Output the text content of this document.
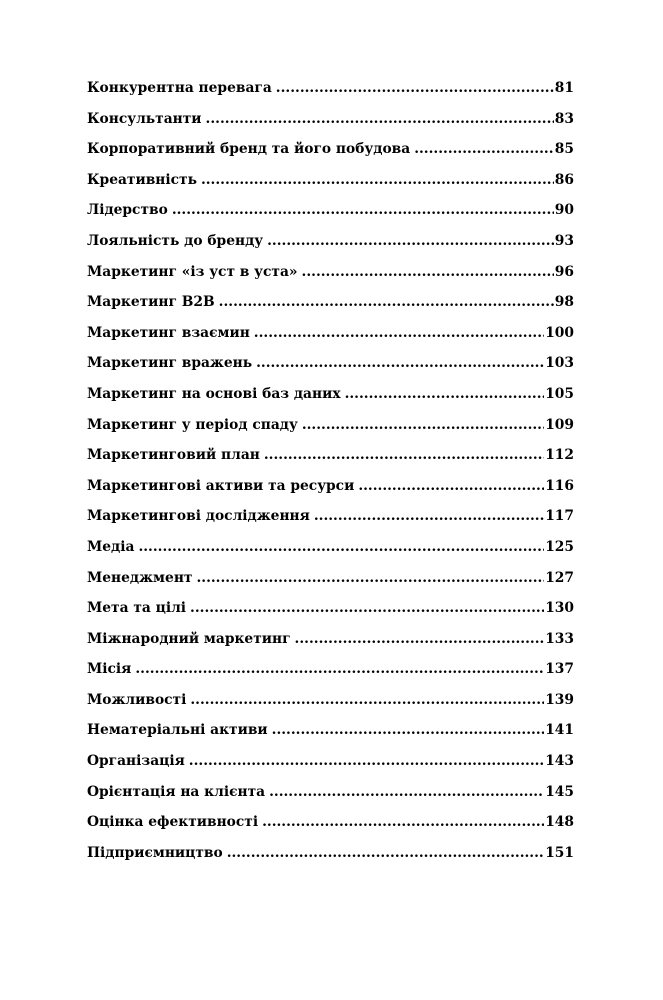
Конкурентна перевага .....	81
Консультанти .....	83
Корпоративний бренд та його побудова .....	85
Креативність .....	86
Лідерство .....	90
Лояльність до бренду .....	93
Маркетинг «із уст в уста» .....	96
Маркетинг B2B .....	98
Маркетинг взаємин .....	100
Маркетинг вражень .....	103
Маркетинг на основі баз даних .....	105
Маркетинг у період спаду .....	109
Маркетинговий план .....	112
Маркетингові активи та ресурси .....	116
Маркетингові дослідження .....	117
Медіа .....	125
Менеджмент .....	127
Мета та цілі .....	130
Міжнародний маркетинг .....	133
Місія .....	137
Можливості .....	139
Нематеріальні активи .....	141
Організація .....	143
Орієнтація на клієнта .....	145
Оцінка ефективності .....	148
Підприємництво .....	151
